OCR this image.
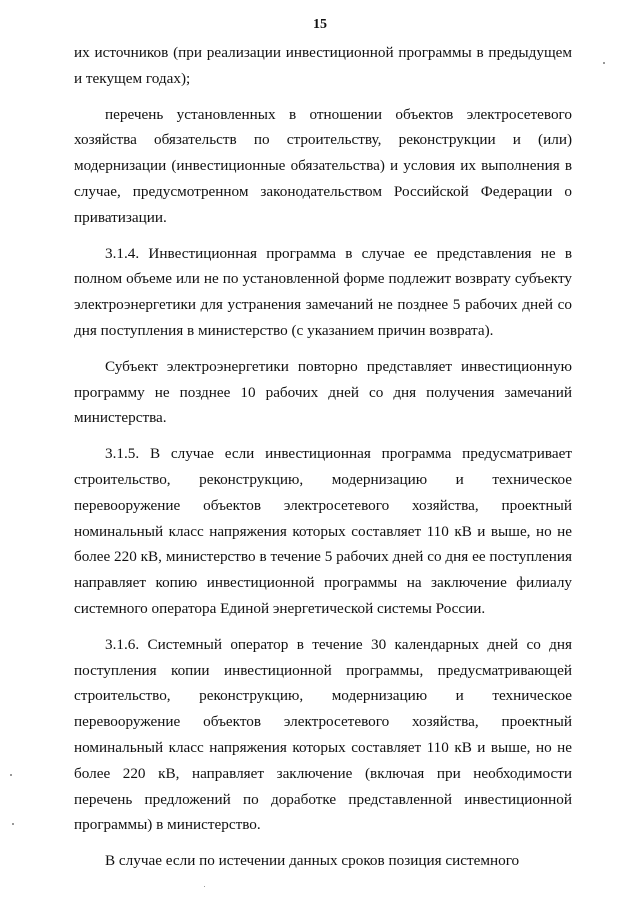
15

их источников (при реализации инвестиционной программы в предыдущем и текущем годах);

перечень установленных в отношении объектов электросетевого хозяйства обязательств по строительству, реконструкции и (или) модернизации (инвестиционные обязательства) и условия их выполнения в случае, предусмотренном законодательством Российской Федерации о приватизации.

3.1.4. Инвестиционная программа в случае ее представления не в полном объеме или не по установленной форме подлежит возврату субъекту электроэнергетики для устранения замечаний не позднее 5 рабочих дней со дня поступления в министерство (с указанием причин возврата).

Субъект электроэнергетики повторно представляет инвестиционную программу не позднее 10 рабочих дней со дня получения замечаний министерства.

3.1.5. В случае если инвестиционная программа предусматривает строительство, реконструкцию, модернизацию и техническое перевооружение объектов электросетевого хозяйства, проектный номинальный класс напряжения которых составляет 110 кВ и выше, но не более 220 кВ, министерство в течение 5 рабочих дней со дня ее поступления направляет копию инвестиционной программы на заключение филиалу системного оператора Единой энергетической системы России.

3.1.6. Системный оператор в течение 30 календарных дней со дня поступления копии инвестиционной программы, предусматривающей строительство, реконструкцию, модернизацию и техническое перевооружение объектов электросетевого хозяйства, проектный номинальный класс напряжения которых составляет 110 кВ и выше, но не более 220 кВ, направляет заключение (включая при необходимости перечень предложений по доработке представленной инвестиционной программы) в министерство.

В случае если по истечении данных сроков позиция системного
